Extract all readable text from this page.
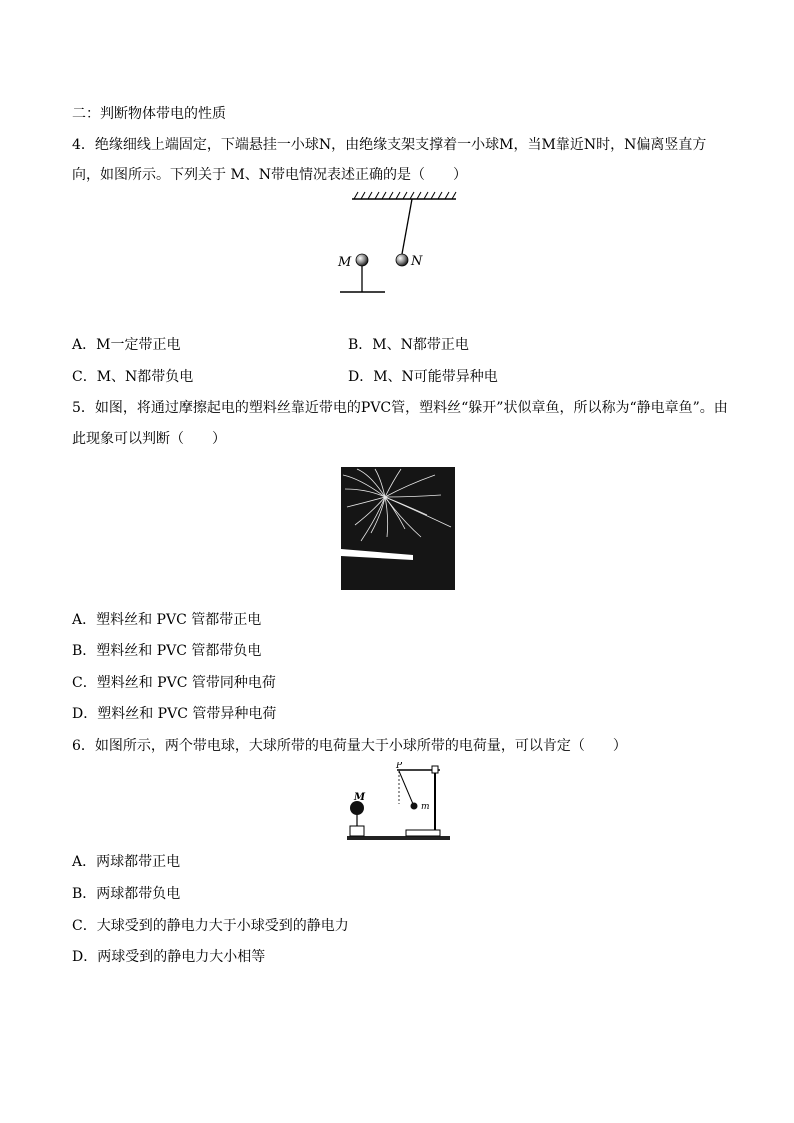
二：判断物体带电的性质
4．绝缘细线上端固定，下端悬挂一小球N，由绝缘支架支撑着一小球M，当M靠近N时，N偏离竖直方
向，如图所示。下列关于 M、N带电情况表述正确的是（　　）
N
M
A．M一定带正电	B．M、N都带正电
C．M、N都带负电	D．M、N可能带异种电
5．如图，将通过摩擦起电的塑料丝靠近带电的PVC管，塑料丝“躲开”状似章鱼，所以称为“静电章鱼”。由
此现象可以判断（　　）
A．塑料丝和 PVC 管都带正电
B．塑料丝和 PVC 管都带负电
C．塑料丝和 PVC 管带同种电荷
D．塑料丝和 PVC 管带异种电荷
6．如图所示，两个带电球，大球所带的电荷量大于小球所带的电荷量，可以肯定（　　）
M
P
m
A．两球都带正电
B．两球都带负电
C．大球受到的静电力大于小球受到的静电力
D．两球受到的静电力大小相等
